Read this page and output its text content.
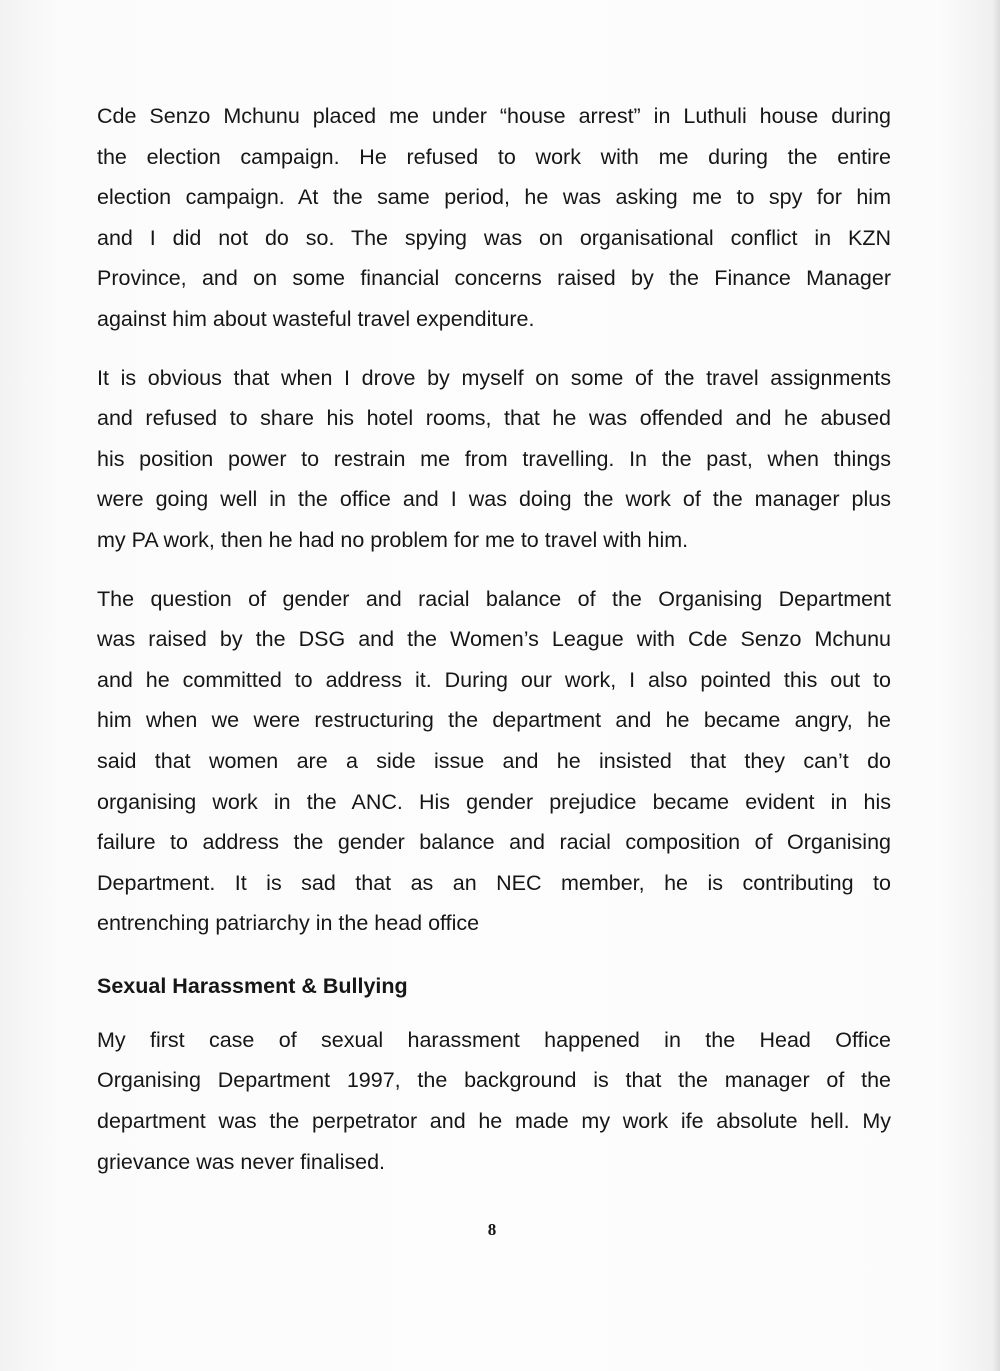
Cde Senzo Mchunu placed me under “house arrest” in Luthuli house during
the election campaign. He refused to work with me during the entire
election campaign. At the same period, he was asking me to spy for him
and I did not do so. The spying was on organisational conflict in KZN
Province, and on some financial concerns raised by the Finance Manager
against him about wasteful travel expenditure.

It is obvious that when I drove by myself on some of the travel assignments
and refused to share his hotel rooms, that he was offended and he abused
his position power to restrain me from travelling. In the past, when things
were going well in the office and I was doing the work of the manager plus
my PA work, then he had no problem for me to travel with him.

The question of gender and racial balance of the Organising Department
was raised by the DSG and the Women’s League with Cde Senzo Mchunu
and he committed to address it. During our work, I also pointed this out to
him when we were restructuring the department and he became angry, he
said that women are a side issue and he insisted that they can’t do
organising work in the ANC. His gender prejudice became evident in his
failure to address the gender balance and racial composition of Organising
Department. It is sad that as an NEC member, he is contributing to
entrenching patriarchy in the head office

Sexual Harassment & Bullying

My first case of sexual harassment happened in the Head Office
Organising Department 1997, the background is that the manager of the
department was the perpetrator and he made my work ife absolute hell. My
grievance was never finalised.

8
